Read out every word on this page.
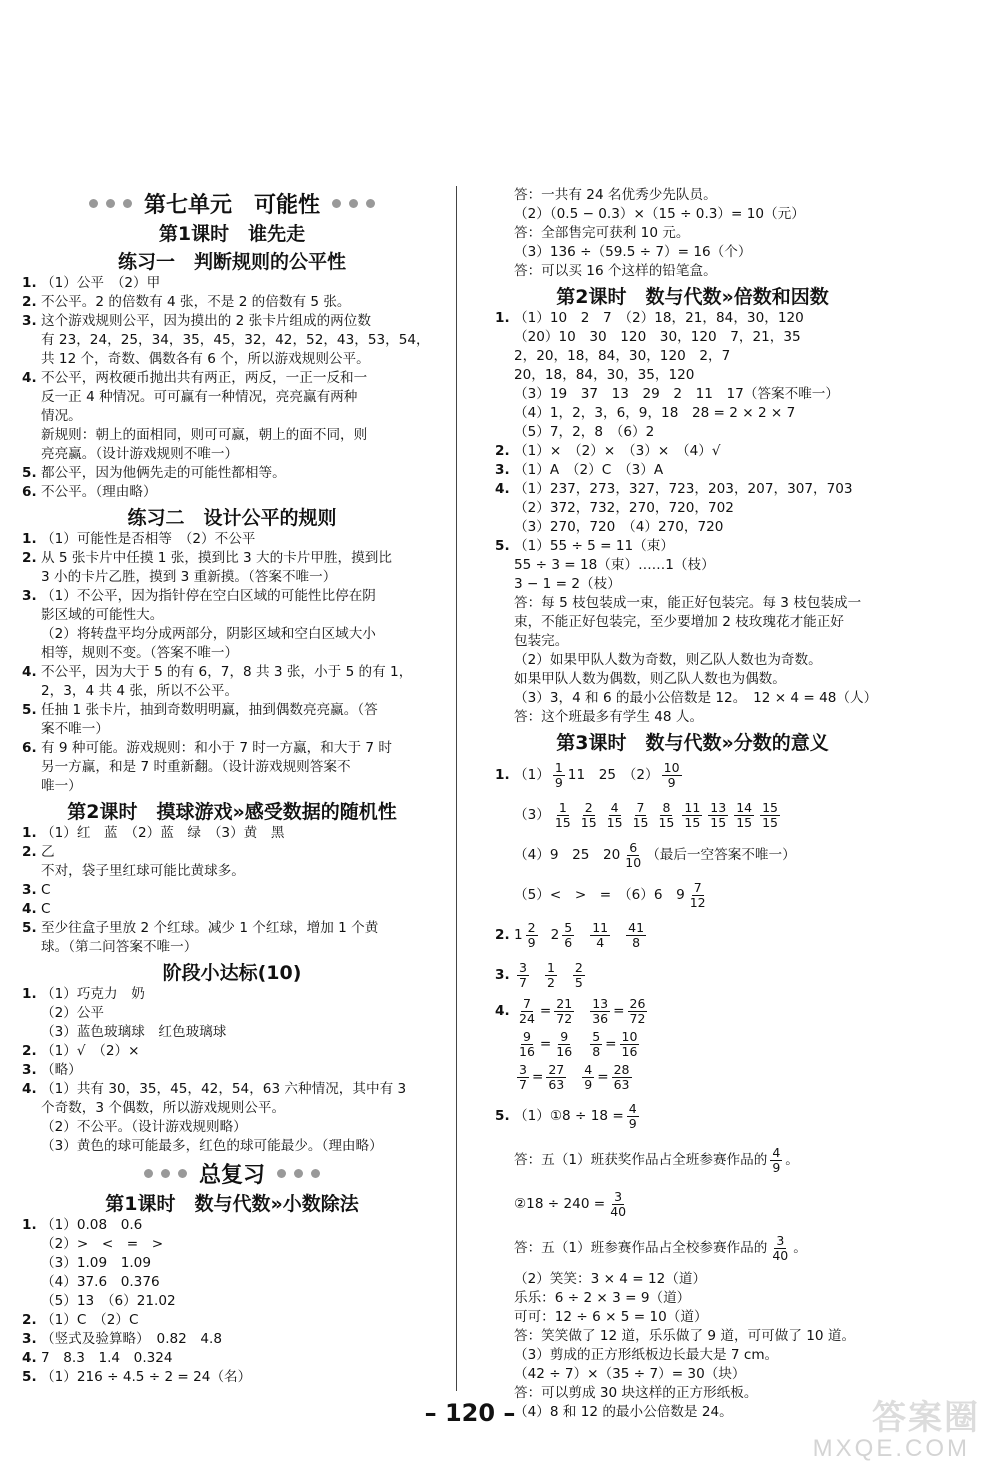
第七单元 可能性
第1课时　谁先走
练习一　判断规则的公平性
1. （1）公平　（2）甲
2. 不公平。2 的倍数有 4 张，不是 2 的倍数有 5 张。
3. 这个游戏规则公平，因为摸出的 2 张卡片组成的两位数
有 23，24，25，34，35，45，32，42，52，43，53，54，
共 12 个，奇数、偶数各有 6 个，所以游戏规则公平。
4. 不公平，两枚硬币抛出共有两正，两反，一正一反和一
反一正 4 种情况。可可赢有一种情况，亮亮赢有两种
情况。
新规则：朝上的面相同，则可可赢，朝上的面不同，则
亮亮赢。（设计游戏规则不唯一）
5. 都公平，因为他俩先走的可能性都相等。
6. 不公平。（理由略）
练习二　设计公平的规则
1. （1）可能性是否相等　（2）不公平
2. 从 5 张卡片中任摸 1 张，摸到比 3 大的卡片甲胜，摸到比
3 小的卡片乙胜，摸到 3 重新摸。（答案不唯一）
3. （1）不公平，因为指针停在空白区域的可能性比停在阴
影区域的可能性大。
（2）将转盘平均分成两部分，阴影区域和空白区域大小
相等，规则不变。（答案不唯一）
4. 不公平，因为大于 5 的有 6，7，8 共 3 张，小于 5 的有 1，
2，3，4 共 4 张，所以不公平。
5. 任抽 1 张卡片，抽到奇数明明赢，抽到偶数亮亮赢。（答
案不唯一）
6. 有 9 种可能。游戏规则：和小于 7 时一方赢，和大于 7 时
另一方赢，和是 7 时重新翻。（设计游戏规则答案不
唯一）
第2课时　摸球游戏»感受数据的随机性
1. （1）红　蓝　（2）蓝　绿　（3）黄　黑
2. 乙
不对，袋子里红球可能比黄球多。
3. C
4. C
5. 至少往盒子里放 2 个红球。减少 1 个红球，增加 1 个黄
球。（第二问答案不唯一）
阶段小达标(10)
1. （1）巧克力　奶
（2）公平
（3）蓝色玻璃球　红色玻璃球
2. （1）√　（2）×
3. （略）
4. （1）共有 30，35，45，42，54，63 六种情况，其中有 3
个奇数，3 个偶数，所以游戏规则公平。
（2）不公平。（设计游戏规则略）
（3）黄色的球可能最多，红色的球可能最少。（理由略）
总复习
第1课时　数与代数»小数除法
1. （1）0.08　0.6
（2）>　<　=　>
（3）1.09　1.09
（4）37.6　0.376
（5）13　（6）21.02
2. （1）C　（2）C
3. （竖式及验算略）　0.82　4.8
4. 7　8.3　1.4　0.324
5. （1）216 ÷ 4.5 ÷ 2 = 24（名）
答：一共有 24 名优秀少先队员。
（2）（0.5 − 0.3）×（15 ÷ 0.3）= 10（元）
答：全部售完可获利 10 元。
（3）136 ÷（59.5 ÷ 7）= 16（个）
答：可以买 16 个这样的铅笔盒。
第2课时　数与代数»倍数和因数
1. （1）10　2　7　（2）18，21，84，30，120
（20）10　30　120　30，120　7，21，35
2，20，18，84，30，120　2，7
20，18，84，30，35，120
（3）19　37　13　29　2　11　17（答案不唯一）
（4）1，2，3，6，9，18　28 = 2 × 2 × 7
（5）7，2，8　（6）2
2. （1）×　（2）×　（3）×　（4）√
3. （1）A　（2）C　（3）A
4. （1）237，273，327，723，203，207，307，703
（2）372，732，270，720，702
（3）270，720　（4）270，720
5. （1）55 ÷ 5 = 11（束）
55 ÷ 3 = 18（束）……1（枝）
3 − 1 = 2（枝）
答：每 5 枝包装成一束，能正好包装完。每 3 枝包装成一
束，不能正好包装完，至少要增加 2 枝玫瑰花才能正好
包装完。
（2）如果甲队人数为奇数，则乙队人数也为奇数。
如果甲队人数为偶数，则乙队人数也为偶数。
（3）3，4 和 6 的最小公倍数是 12。　12 × 4 = 48（人）
答：这个班最多有学生 48 人。
第3课时　数与代数»分数的意义
1. $(1) \frac{1}{9} 11$　25　$(2) \frac{10}{9}$
$(3) \frac{1}{15} \frac{2}{15} \frac{4}{15} \frac{7}{15} \frac{8}{15} \frac{11}{15} \frac{13}{15} \frac{14}{15} \frac{15}{15}$
（4）9　25　$20 \frac{6}{10}$ （最后一空答案不唯一）
（5）<　>　=　（6）6　$9 \frac{7}{12}$
2. $1 \frac{2}{9} 2 \frac{5}{6} \frac{11}{4} \frac{41}{8}$
3. $\frac{3}{7} \frac{1}{2} \frac{2}{5}$
4. $\frac{7}{24} = \frac{21}{72} \frac{13}{36} = \frac{26}{72}$
$\frac{9}{16} = \frac{9}{16} \frac{5}{8} = \frac{10}{16}$
$\frac{3}{7} = \frac{27}{63} \frac{4}{9} = \frac{28}{63}$
5. （1）①8 ÷ $18 = \frac{4}{9}$
答：五（1）班获奖作品占全班参赛作品的 $\frac{4}{9}$ 。
②18 ÷ $240 = \frac{3}{40}$
答：五（1）班参赛作品占全校参赛作品的 $\frac{3}{40}$ 。
（2）笑笑：3 × 4 = 12（道）
乐乐：6 ÷ 2 × 3 = 9（道）
可可：12 ÷ 6 × 5 = 10（道）
答：笑笑做了 12 道，乐乐做了 9 道，可可做了 10 道。
（3）剪成的正方形纸板边长最大是 7 cm。
（42 ÷ 7）×（35 ÷ 7）= 30（块）
答：可以剪成 30 块这样的正方形纸板。
（4）8 和 12 的最小公倍数是 24。
– 120 –	答案圈
MXQE.COM
